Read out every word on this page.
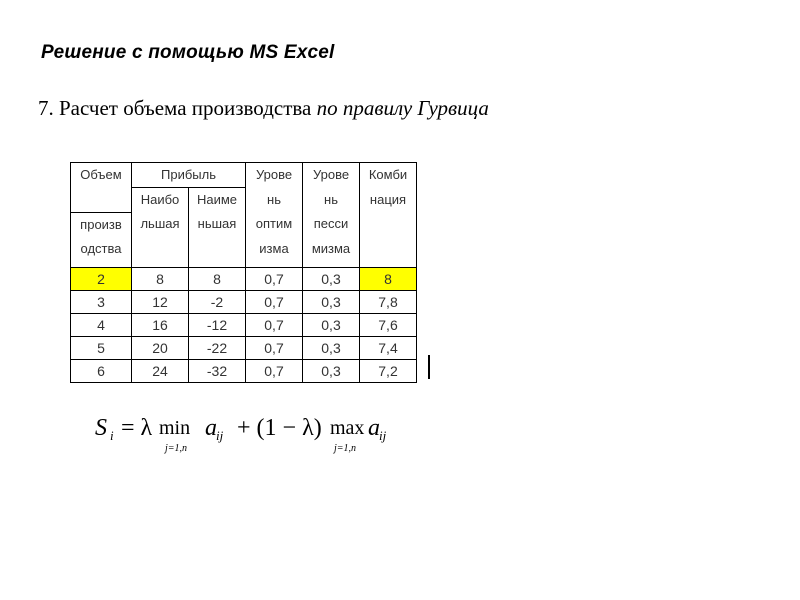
Решение с помощью MS Excel
7. Расчет объема производства по правилу Гурвица
Объем	Прибыль		Урове	Урове	Комби
	Наибо	Наиме	нь	нь	нация
произв	льшая	ньшая	оптим	песси	
одства			изма	мизма	
2	8	8	0,7	0,3	8
3	12	-2	0,7	0,3	7,8
4	16	-12	0,7	0,3	7,6
5	20	-22	0,7	0,3	7,4
6	24	-32	0,7	0,3	7,2
S i = λ min
j=1,n
a ij + (1 − λ) max
j=1,n
a ij
